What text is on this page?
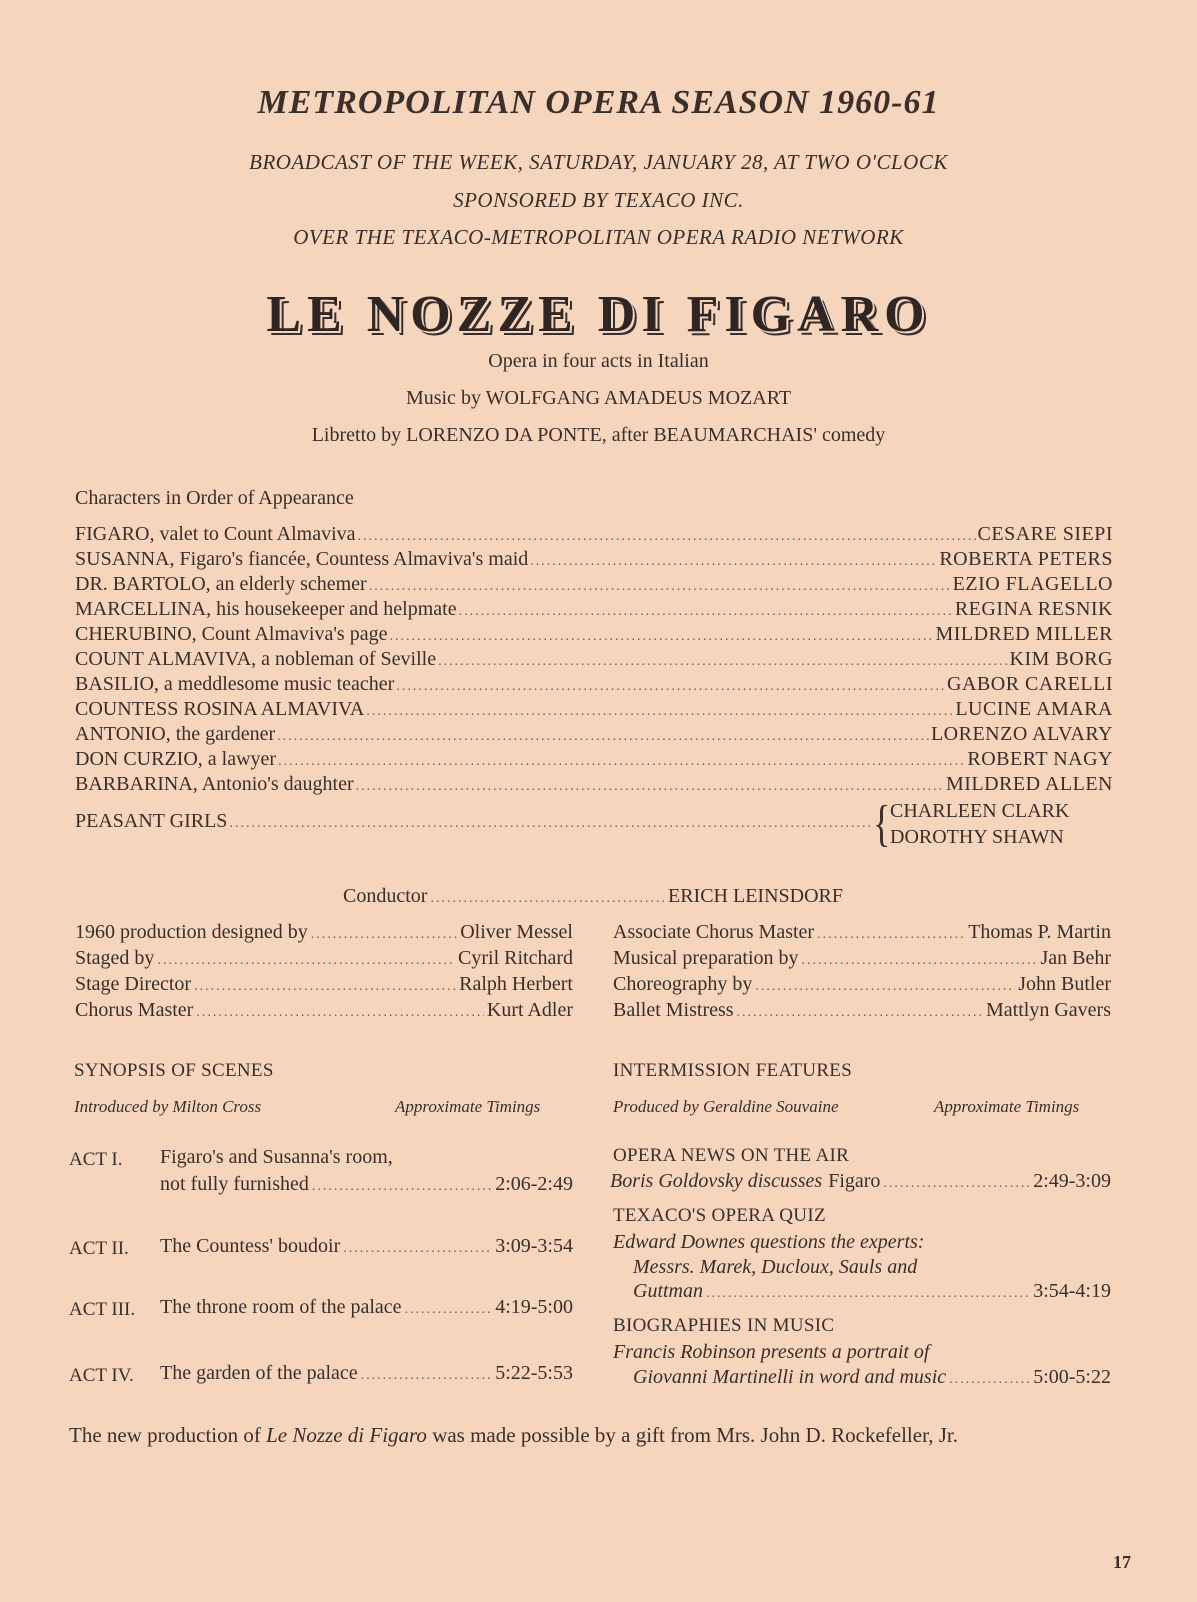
METROPOLITAN OPERA SEASON 1960-61
BROADCAST OF THE WEEK, SATURDAY, JANUARY 28, AT TWO O'CLOCK
SPONSORED BY TEXACO INC.
OVER THE TEXACO-METROPOLITAN OPERA RADIO NETWORK
LE NOZZE DI FIGARO
Opera in four acts in Italian
Music by WOLFGANG AMADEUS MOZART
Libretto by LORENZO DA PONTE, after BEAUMARCHAIS' comedy
Characters in Order of Appearance
FIGARO, valet to Count Almaviva .....	CESARE SIEPI
SUSANNA, Figaro's fiancée, Countess Almaviva's maid .....	ROBERTA PETERS
DR. BARTOLO, an elderly schemer .....	EZIO FLAGELLO
MARCELLINA, his housekeeper and helpmate .....	REGINA RESNIK
CHERUBINO, Count Almaviva's page .....	MILDRED MILLER
COUNT ALMAVIVA, a nobleman of Seville .....	KIM BORG
BASILIO, a meddlesome music teacher .....	GABOR CARELLI
COUNTESS ROSINA ALMAVIVA .....	LUCINE AMARA
ANTONIO, the gardener .....	LORENZO ALVARY
DON CURZIO, a lawyer .....	ROBERT NAGY
BARBARINA, Antonio's daughter .....	MILDRED ALLEN
PEASANT GIRLS .....	{ CHARLEEN CLARK
DOROTHY SHAWN
Conductor .....	ERICH LEINSDORF
1960 production designed by .....	Oliver Messel
Staged by .....	Cyril Ritchard
Stage Director .....	Ralph Herbert
Chorus Master .....	Kurt Adler
Associate Chorus Master .....	Thomas P. Martin
Musical preparation by .....	Jan Behr
Choreography by .....	John Butler
Ballet Mistress .....	Mattlyn Gavers
SYNOPSIS OF SCENES
Introduced by Milton Cross	Approximate Timings
ACT I. Figaro's and Susanna's room,
not fully furnished .....	2:06-2:49
ACT II. The Countess' boudoir .....	3:09-3:54
ACT III. The throne room of the palace .....	4:19-5:00
ACT IV. The garden of the palace .....	5:22-5:53
INTERMISSION FEATURES
Produced by Geraldine Souvaine	Approximate Timings
OPERA NEWS ON THE AIR
Boris Goldovsky discusses Figaro .....	2:49-3:09
TEXACO'S OPERA QUIZ
Edward Downes questions the experts:
Messrs. Marek, Ducloux, Sauls and
Guttman .....	3:54-4:19
BIOGRAPHIES IN MUSIC
Francis Robinson presents a portrait of
Giovanni Martinelli in word and music .....	5:00-5:22
The new production of Le Nozze di Figaro was made possible by a gift from Mrs. John D. Rockefeller, Jr.
17
